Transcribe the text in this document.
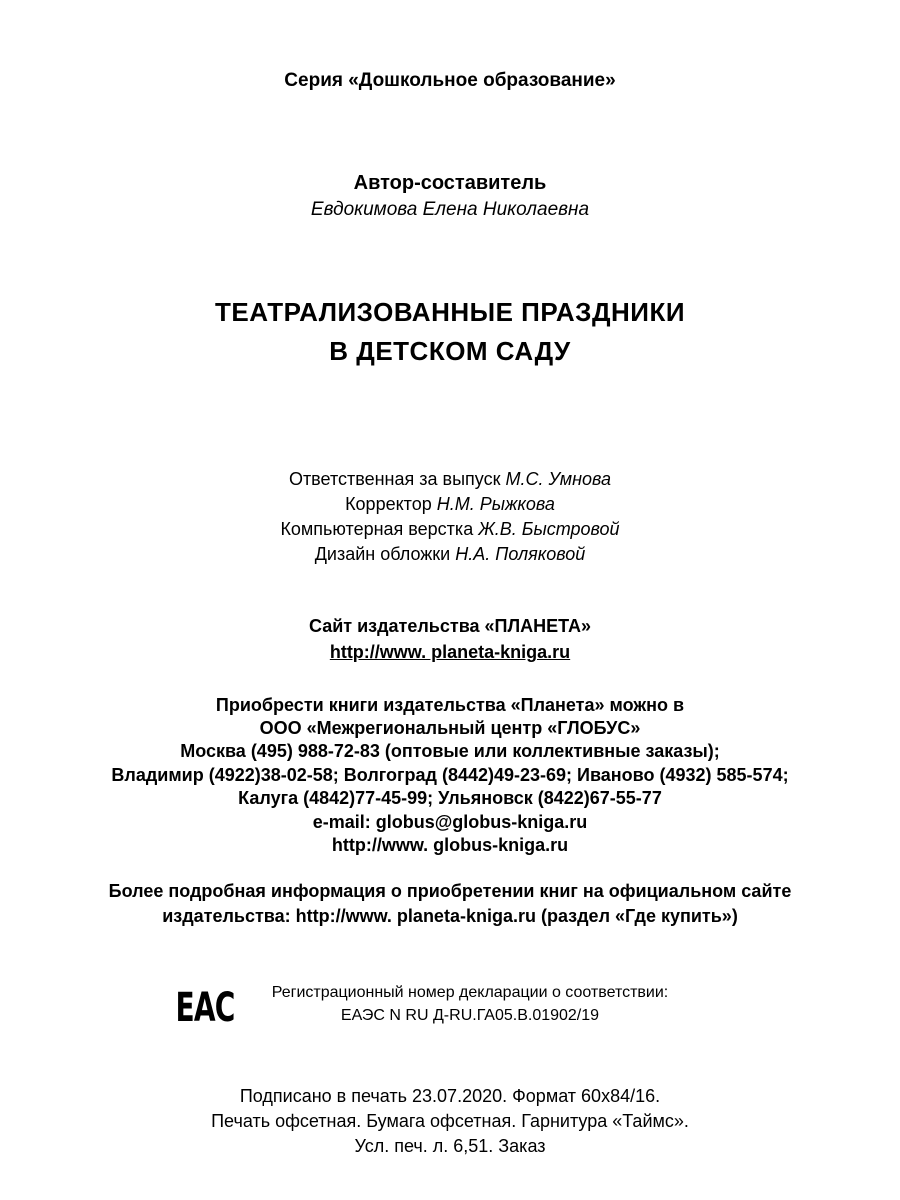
Серия «Дошкольное образование»
Автор-составитель
Евдокимова Елена Николаевна
ТЕАТРАЛИЗОВАННЫЕ ПРАЗДНИКИ
В ДЕТСКОМ САДУ
Ответственная за выпуск М.С. Умнова
Корректор Н.М. Рыжкова
Компьютерная верстка Ж.В. Быстровой
Дизайн обложки Н.А. Поляковой
Сайт издательства «ПЛАНЕТА»
http://www. planeta-kniga.ru
Приобрести книги издательства «Планета» можно в
ООО «Межрегиональный центр «ГЛОБУС»
Москва (495) 988-72-83 (оптовые или коллективные заказы);
Владимир (4922)38-02-58; Волгоград (8442)49-23-69; Иваново (4932) 585-574;
Калуга (4842)77-45-99; Ульяновск (8422)67-55-77
e-mail: globus@globus-kniga.ru
http://www. globus-kniga.ru
Более подробная информация о приобретении книг на официальном сайте
издательства: http://www. planeta-kniga.ru (раздел «Где купить»)
ЕАС Регистрационный номер декларации о соответствии:
ЕАЭС N RU Д-RU.ГА05.В.01902/19
Подписано в печать 23.07.2020. Формат 60x84/16.
Печать офсетная. Бумага офсетная. Гарнитура «Таймс».
Усл. печ. л. 6,51. Заказ
